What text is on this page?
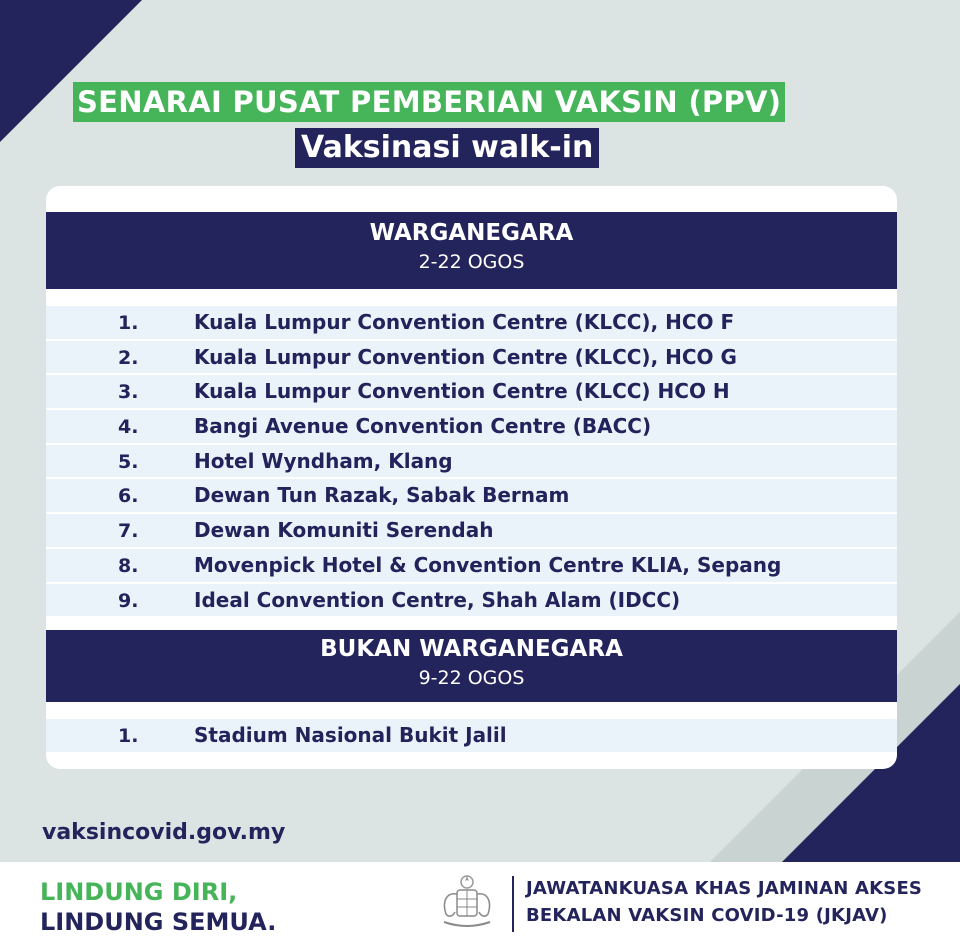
SENARAI PUSAT PEMBERIAN VAKSIN (PPV)
Vaksinasi walk-in
WARGANEGARA
2-22 OGOS
1.	Kuala Lumpur Convention Centre (KLCC), HCO F
2.	Kuala Lumpur Convention Centre (KLCC), HCO G
3.	Kuala Lumpur Convention Centre (KLCC) HCO H
4.	Bangi Avenue Convention Centre (BACC)
5.	Hotel Wyndham, Klang
6.	Dewan Tun Razak, Sabak Bernam
7.	Dewan Komuniti Serendah
8.	Movenpick Hotel & Convention Centre KLIA, Sepang
9.	Ideal Convention Centre, Shah Alam (IDCC)
BUKAN WARGANEGARA
9-22 OGOS
1.	Stadium Nasional Bukit Jalil
vaksincovid.gov.my
LINDUNG DIRI,
LINDUNG SEMUA.
JAWATANKUASA KHAS JAMINAN AKSES
BEKALAN VAKSIN COVID-19 (JKJAV)
